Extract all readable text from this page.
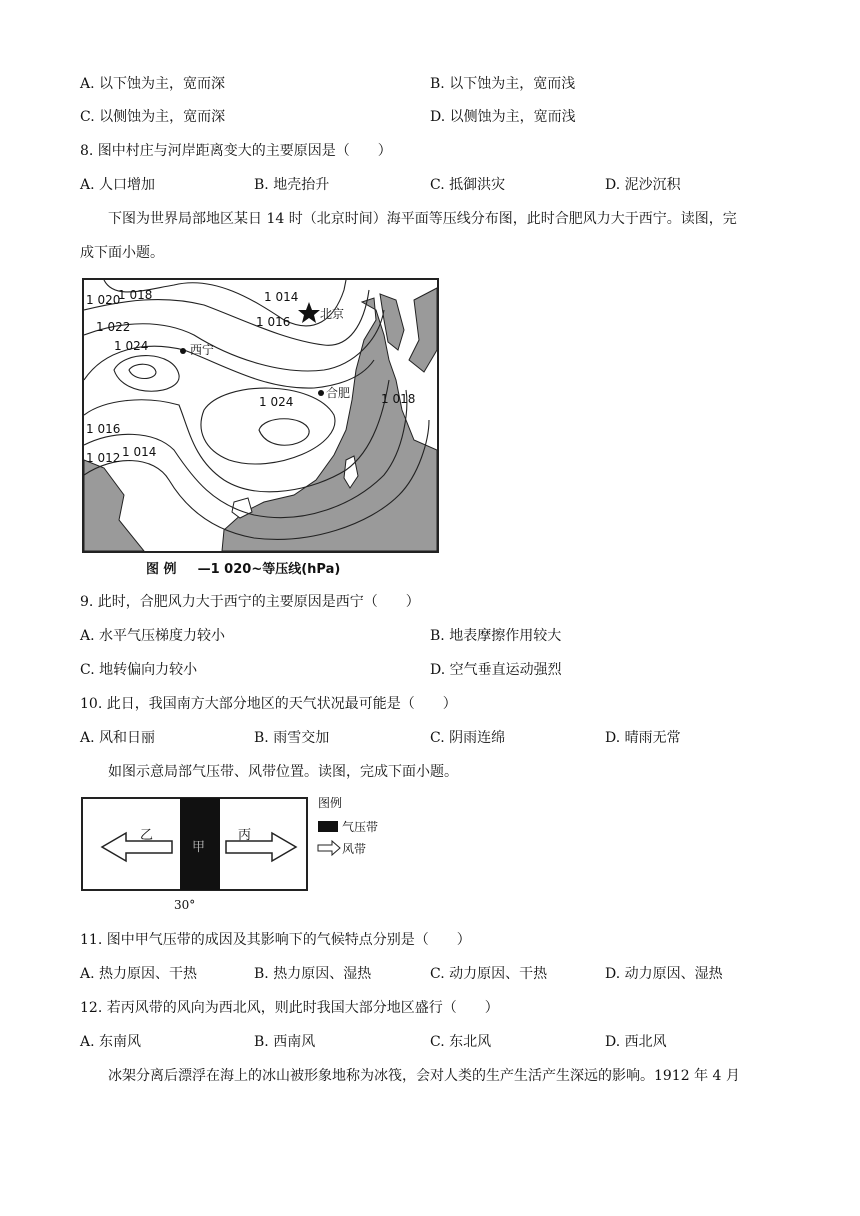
A. 以下蚀为主，宽而深	B. 以下蚀为主，宽而浅
C. 以侧蚀为主，宽而深	D. 以侧蚀为主，宽而浅
8. 图中村庄与河岸距离变大的主要原因是（　　）
A. 人口增加	B. 地壳抬升	C. 抵御洪灾	D. 泥沙沉积
下图为世界局部地区某日 14 时（北京时间）海平面等压线分布图，此时合肥风力大于西宁。读图，完
成下面小题。
1 020
1 018	1 014
1 016
1 022
1 024
1 024	1 018
1 016
1 012 1 014
北京
西宁
合肥
图 例 —1 020~等压线(hPa)
9. 此时，合肥风力大于西宁的主要原因是西宁（　　）
A. 水平气压梯度力较小	B. 地表摩擦作用较大
C. 地转偏向力较小	D. 空气垂直运动强烈
10. 此日，我国南方大部分地区的天气状况最可能是（　　）
A. 风和日丽	B. 雨雪交加	C. 阴雨连绵	D. 晴雨无常
如图示意局部气压带、风带位置。读图，完成下面小题。
乙
甲
丙
30°
图例
气压带
风带
11. 图中甲气压带的成因及其影响下的气候特点分别是（　　）
A. 热力原因、干热	B. 热力原因、湿热	C. 动力原因、干热	D. 动力原因、湿热
12. 若丙风带的风向为西北风，则此时我国大部分地区盛行（　　）
A. 东南风	B. 西南风	C. 东北风	D. 西北风
冰架分离后漂浮在海上的冰山被形象地称为冰筏，会对人类的生产生活产生深远的影响。1912 年 4 月
